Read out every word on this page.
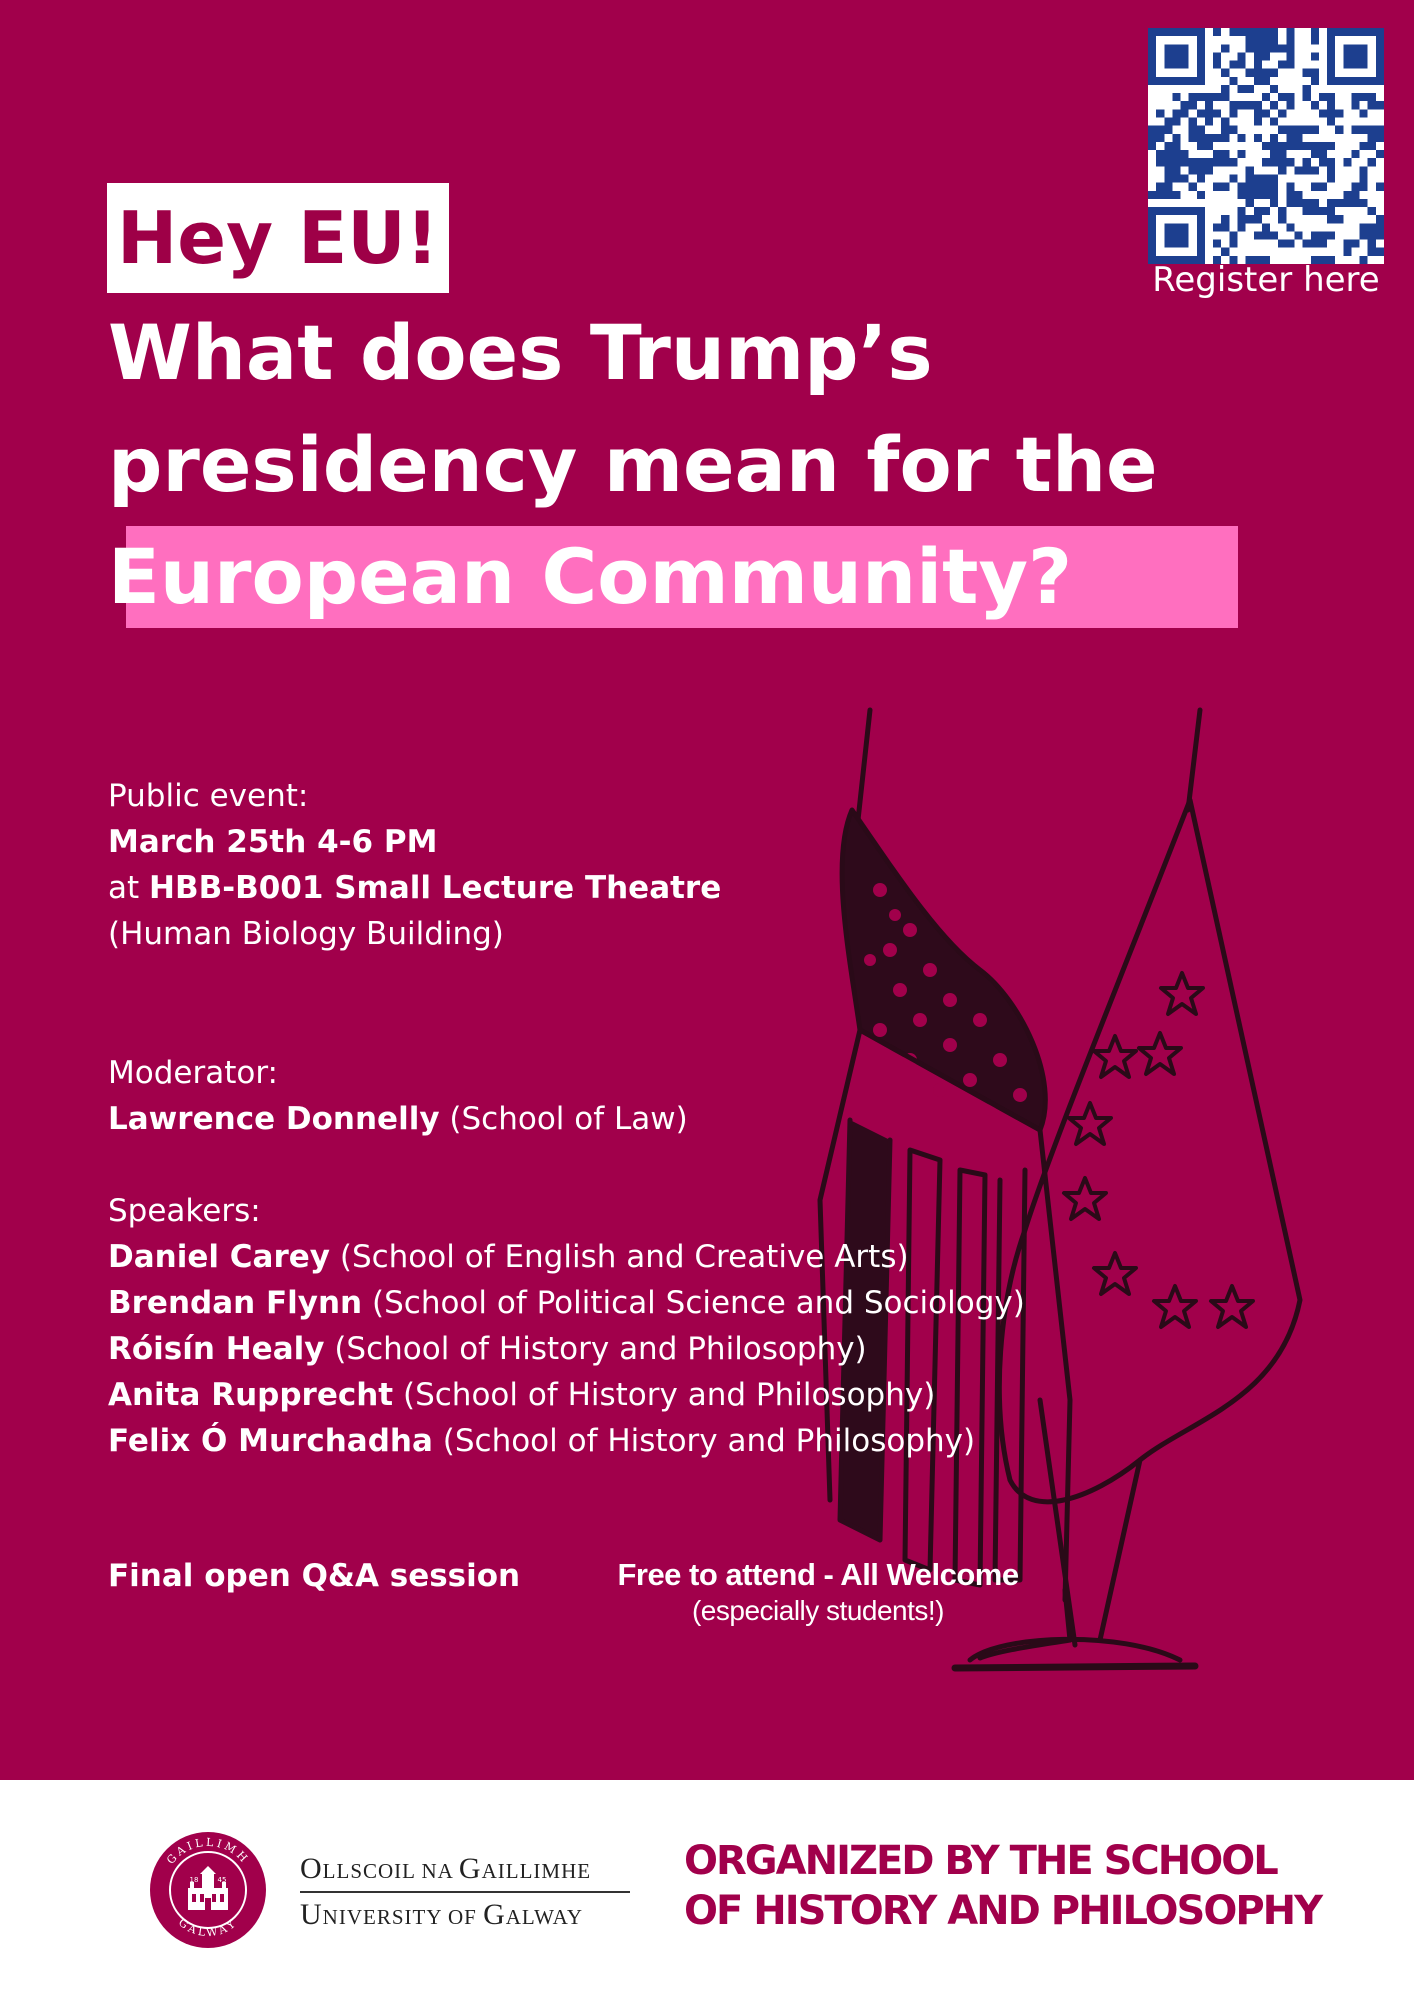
Register here
Hey EU!
What does Trump’s
presidency mean for the
European Community?
Public event:
March 25th 4-6 PM
at HBB-B001 Small Lecture Theatre
(Human Biology Building)
Moderator:
Lawrence Donnelly (School of Law)
Speakers:
Daniel Carey (School of English and Creative Arts)
Brendan Flynn (School of Political Science and Sociology)
Róisín Healy (School of History and Philosophy)
Anita Rupprecht (School of History and Philosophy)
Felix Ó Murchadha (School of History and Philosophy)
Final open Q&A session	Free to attend - All Welcome
(especially students!)
GAILLIMH
GALWAY
18	45 OLLSCOIL NA GAILLIMHE
UNIVERSITY OF GALWAY
ORGANIZED BY THE SCHOOL
OF HISTORY AND PHILOSOPHY
